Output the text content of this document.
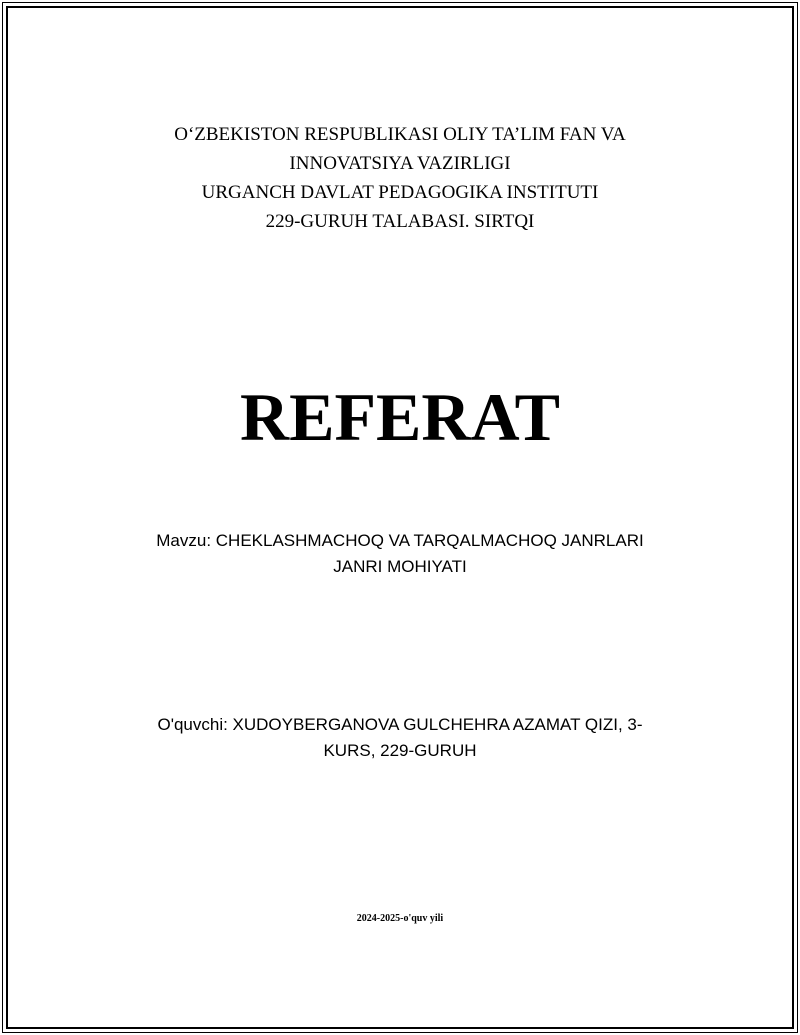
O‘ZBEKISTON RESPUBLIKASI OLIY TA’LIM FAN VA
INNOVATSIYA VAZIRLIGI
URGANCH DAVLAT PEDAGOGIKA INSTITUTI
229-GURUH TALABASI. SIRTQI
REFERAT
Mavzu: CHEKLASHMACHOQ VA TARQALMACHOQ JANRLARI
JANRI MOHIYATI
O'quvchi: XUDOYBERGANOVA GULCHEHRA AZAMAT QIZI, 3-
KURS, 229-GURUH
2024-2025-o'quv yili
